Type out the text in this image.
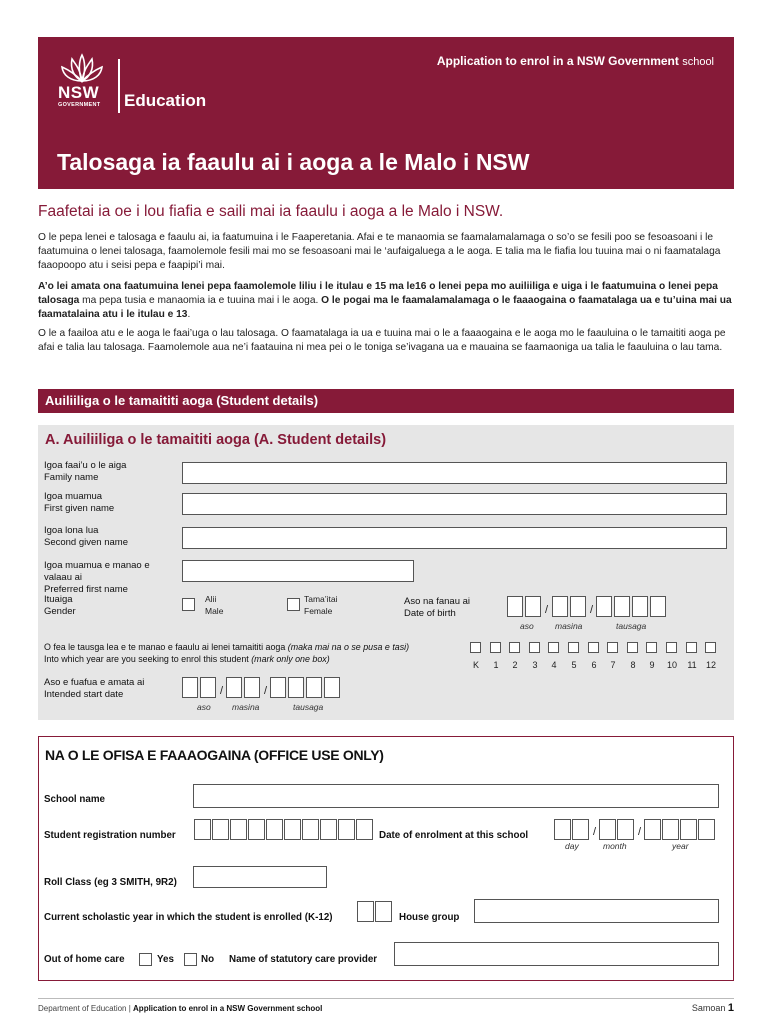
NSW
GOVERNMENT Education
Application to enrol in a NSW Government school
Talosaga ia faaulu ai i aoga a le Malo i NSW
Faafetai ia oe i lou fiafia e saili mai ia faaulu i aoga a le Malo i NSW.
O le pepa lenei e talosaga e faaulu ai, ia faatumuina i le Faaperetania. Afai e te manaomia se faamalamalamaga o so’o se fesili poo se fesoasoani i le faatumuina o lenei talosaga, faamolemole fesili mai mo se fesoasoani mai le ‘aufaigaluega a le aoga. E talia ma le fiafia lou tuuina mai o ni faamatalaga faaopoopo atu i seisi pepa e faapipi’i mai.
A’o lei amata ona faatumuina lenei pepa faamolemole liliu i le itulau e 15 ma le16 o lenei pepa mo auiliiliga e uiga i le faatumuina o lenei pepa talosaga ma pepa tusia e manaomia ia e tuuina mai i le aoga. O le pogai ma le faamalamalamaga o le faaaogaina o faamatalaga ua e tu’uina mai ua faamatalaina atu i le itulau e 13.
O le a faailoa atu e le aoga le faai’uga o lau talosaga. O faamatalaga ia ua e tuuina mai o le a faaaogaina e le aoga mo le faauluina o le tamaititi aoga pe afai e talia lau talosaga. Faamolemole aua ne’i faatauina ni mea pei o le toniga se’ivagana ua e mauaina se faamaoniga ua talia le faauluina o lau tama.
Auiliiliga o le tamaititi aoga (Student details)
A. Auiliiliga o le tamaititi aoga (A. Student details)
Igoa faai’u o le aiga
Family name
Igoa muamua
First given name
Igoa lona lua
Second given name
Igoa muamua e manao e valaau ai
Preferred first name
Ituaiga
Gender
Alii
Male
Tama’itai
Female
Aso na fanau ai
Date of birth	/	/
aso	masina	tausaga
O fea le tausga lea e te manao e faaulu ai lenei tamaititi aoga (maka mai na o se pusa e tasi)
Into which year are you seeking to enrol this student (mark only one box)
K	1	2	3	4	5	6	7	8	9	10	11	12
Aso e fuafua e amata ai
Intended start date	/	/
aso	masina	tausaga
NA O LE OFISA E FAAAOGAINA (OFFICE USE ONLY)
School name
Student registration number	Date of enrolment at this school	/	/
day	month	year
Roll Class (eg 3 SMITH, 9R2)
Current scholastic year in which the student is enrolled (K-12)	House group
Out of home care	Yes	No Name of statutory care provider
Department of Education | Application to enrol in a NSW Government school	Samoan 1
